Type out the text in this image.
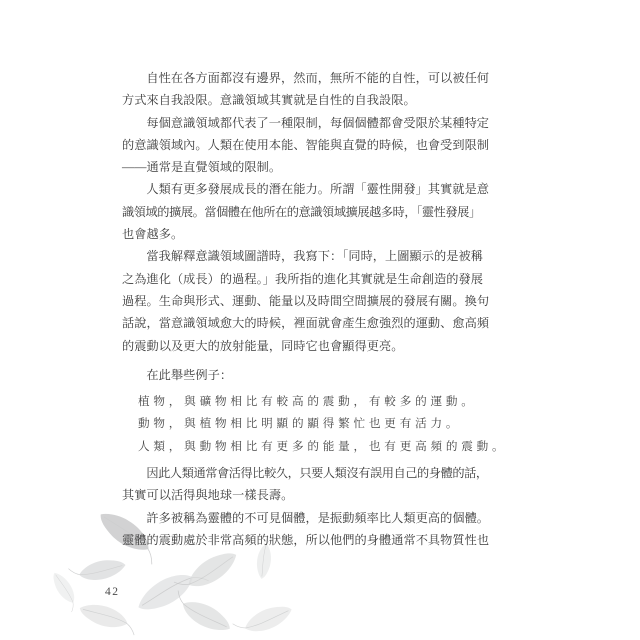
自性在各方面都沒有邊界，然而，無所不能的自性，可以被任何
方式來自我設限。意識領域其實就是自性的自我設限。
每個意識領域都代表了一種限制，每個個體都會受限於某種特定
的意識領域內。人類在使用本能、智能與直覺的時候，也會受到限制
——通常是直覺領域的限制。
人類有更多發展成長的潛在能力。所謂「靈性開發」其實就是意
識領域的擴展。當個體在他所在的意識領域擴展越多時，「靈性發展」
也會越多。
當我解釋意識領域圖譜時，我寫下：「同時，上圖顯示的是被稱
之為進化（成長）的過程。」我所指的進化其實就是生命創造的發展
過程。生命與形式、運動、能量以及時間空間擴展的發展有關。換句
話說，當意識領域愈大的時候，裡面就會產生愈強烈的運動、愈高頻
的震動以及更大的放射能量，同時它也會顯得更亮。
在此舉些例子：
植物，與礦物相比有較高的震動，有較多的運動。
動物，與植物相比明顯的顯得繁忙也更有活力。
人類，與動物相比有更多的能量，也有更高頻的震動。
因此人類通常會活得比較久，只要人類沒有誤用自己的身體的話，
其實可以活得與地球一樣長壽。
許多被稱為靈體的不可見個體，是振動頻率比人類更高的個體。
靈體的震動處於非常高頻的狀態，所以他們的身體通常不具物質性也
42
